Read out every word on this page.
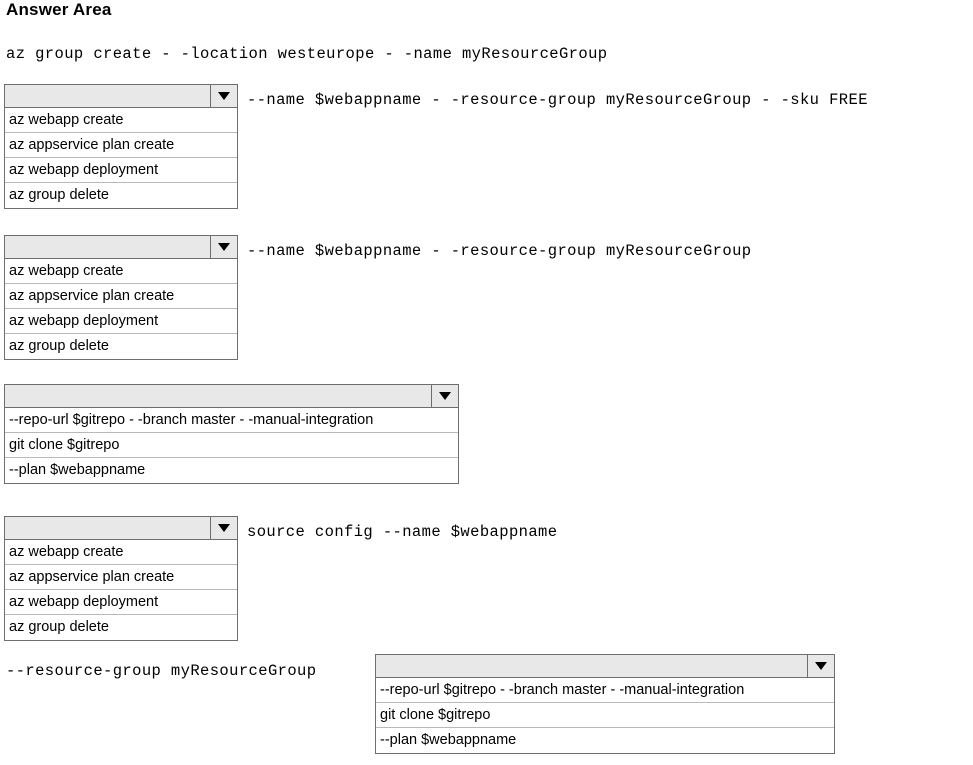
Answer Area
az group create - -location westeurope - -name myResourceGroup
az webapp create
az appservice plan create
az webapp deployment
az group delete
--name $webappname - -resource-group myResourceGroup - -sku FREE
az webapp create
az appservice plan create
az webapp deployment
az group delete
--name $webappname - -resource-group myResourceGroup
--repo-url $gitrepo - -branch master - -manual-integration
git clone $gitrepo
--plan $webappname
az webapp create
az appservice plan create
az webapp deployment
az group delete
source config --name $webappname
--resource-group myResourceGroup
--repo-url $gitrepo - -branch master - -manual-integration
git clone $gitrepo
--plan $webappname
